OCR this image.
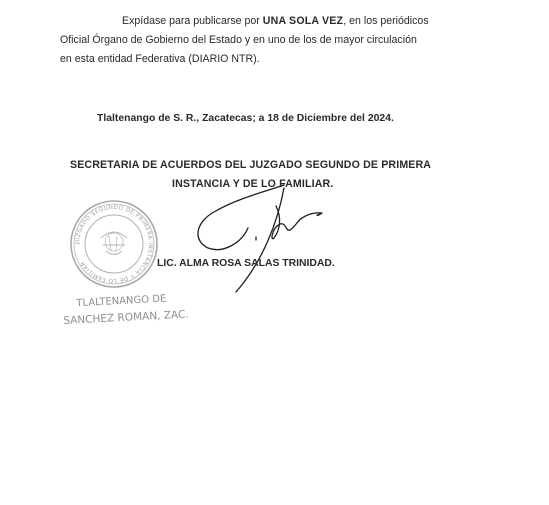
Expídase para publicarse por UNA SOLA VEZ, en los periódicos
Oficial Órgano de Gobierno del Estado y en uno de los de mayor circulación
en esta entidad Federativa (DIARIO NTR).

Tlaltenango de S. R., Zacatecas; a 18 de Diciembre del 2024.
SECRETARIA DE ACUERDOS DEL JUZGADO SEGUNDO DE PRIMERA
INSTANCIA Y DE LO FAMILIAR.
JUZGADO SEGUNDO DE PRIMERA INSTANCIA Y DE LO FAMILIAR
TLALTENANGO DE
SANCHEZ ROMAN, ZAC.
LIC. ALMA ROSA SALAS TRINIDAD.
